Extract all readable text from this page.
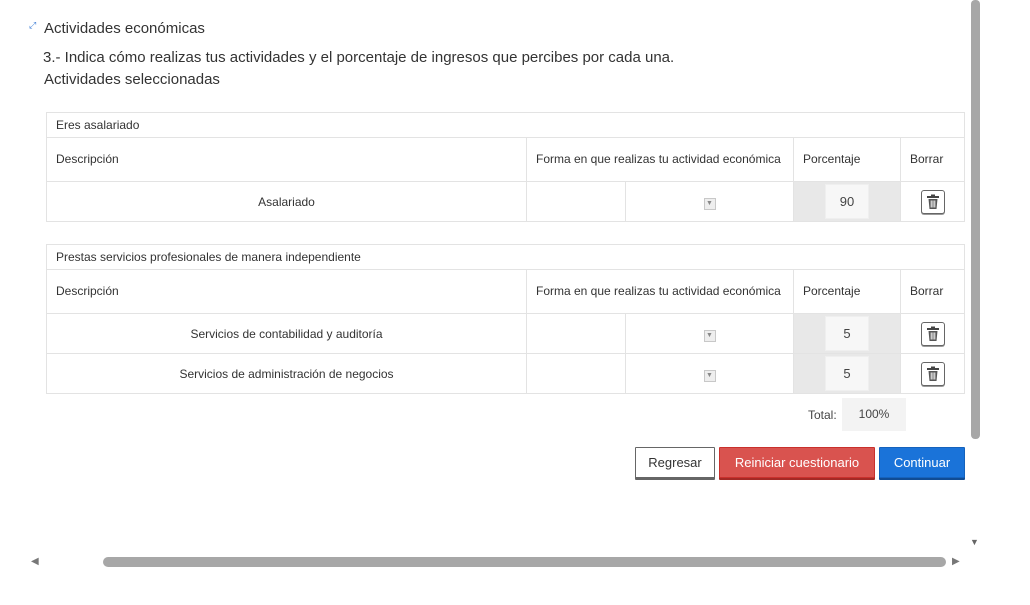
⤢ Actividades económicas
3.- Indica cómo realizas tus actividades y el porcentaje de ingresos que percibes por cada una.
Actividades seleccionadas
Eres asalariado				
Descripción	Forma en que realizas tu actividad económica		Porcentaje	Borrar
Asalariado		▼	90	
Prestas servicios profesionales de manera independiente				
Descripción	Forma en que realizas tu actividad económica		Porcentaje	Borrar
Servicios de contabilidad y auditoría		▼	5	
Servicios de administración de negocios		▼	5	
Total:	100%
Regresar	Reiniciar cuestionario	Continuar
▼
◀	▶
